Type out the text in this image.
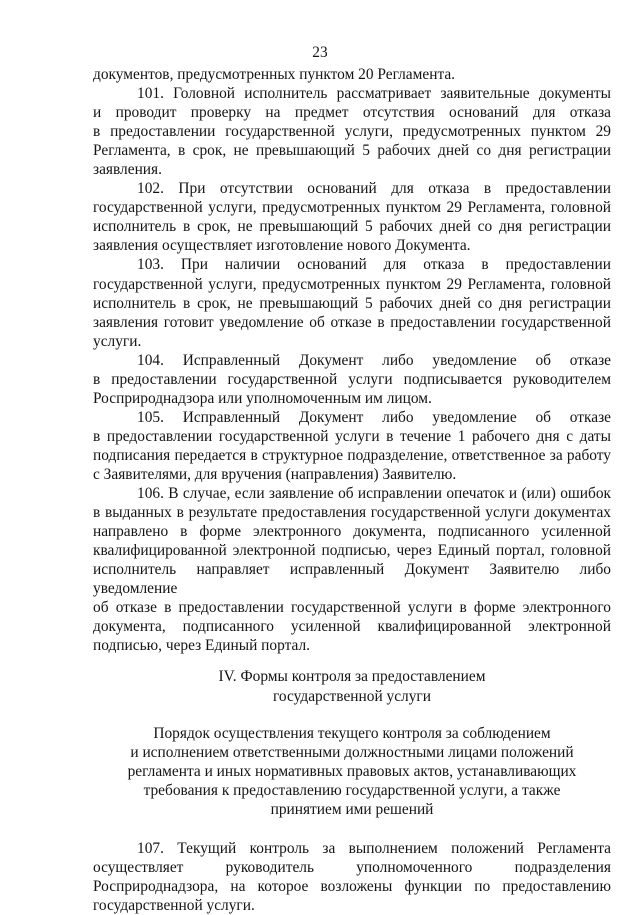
23

документов, предусмотренных пунктом 20 Регламента.

101. Головной исполнитель рассматривает заявительные документы
и проводит проверку на предмет отсутствия оснований для отказа
в предоставлении государственной услуги, предусмотренных пунктом 29
Регламента, в срок, не превышающий 5 рабочих дней со дня регистрации
заявления.

102. При отсутствии оснований для отказа в предоставлении
государственной услуги, предусмотренных пунктом 29 Регламента, головной
исполнитель в срок, не превышающий 5 рабочих дней со дня регистрации
заявления осуществляет изготовление нового Документа.

103. При наличии оснований для отказа в предоставлении
государственной услуги, предусмотренных пунктом 29 Регламента, головной
исполнитель в срок, не превышающий 5 рабочих дней со дня регистрации
заявления готовит уведомление об отказе в предоставлении государственной
услуги.

104. Исправленный Документ либо уведомление об отказе
в предоставлении государственной услуги подписывается руководителем
Росприроднадзора или уполномоченным им лицом.

105. Исправленный Документ либо уведомление об отказе
в предоставлении государственной услуги в течение 1 рабочего дня с даты
подписания передается в структурное подразделение, ответственное за работу
с Заявителями, для вручения (направления) Заявителю.

106. В случае, если заявление об исправлении опечаток и (или) ошибок
в выданных в результате предоставления государственной услуги документах
направлено в форме электронного документа, подписанного усиленной
квалифицированной электронной подписью, через Единый портал, головной
исполнитель направляет исправленный Документ Заявителю либо уведомление
об отказе в предоставлении государственной услуги в форме электронного
документа, подписанного усиленной квалифицированной электронной
подписью, через Единый портал.

IV. Формы контроля за предоставлением
государственной услуги
Порядок осуществления текущего контроля за соблюдением
и исполнением ответственными должностными лицами положений
регламента и иных нормативных правовых актов, устанавливающих
требования к предоставлению государственной услуги, а также
принятием ими решений

107. Текущий контроль за выполнением положений Регламента
осуществляет руководитель уполномоченного подразделения
Росприроднадзора, на которое возложены функции по предоставлению
государственной услуги.
